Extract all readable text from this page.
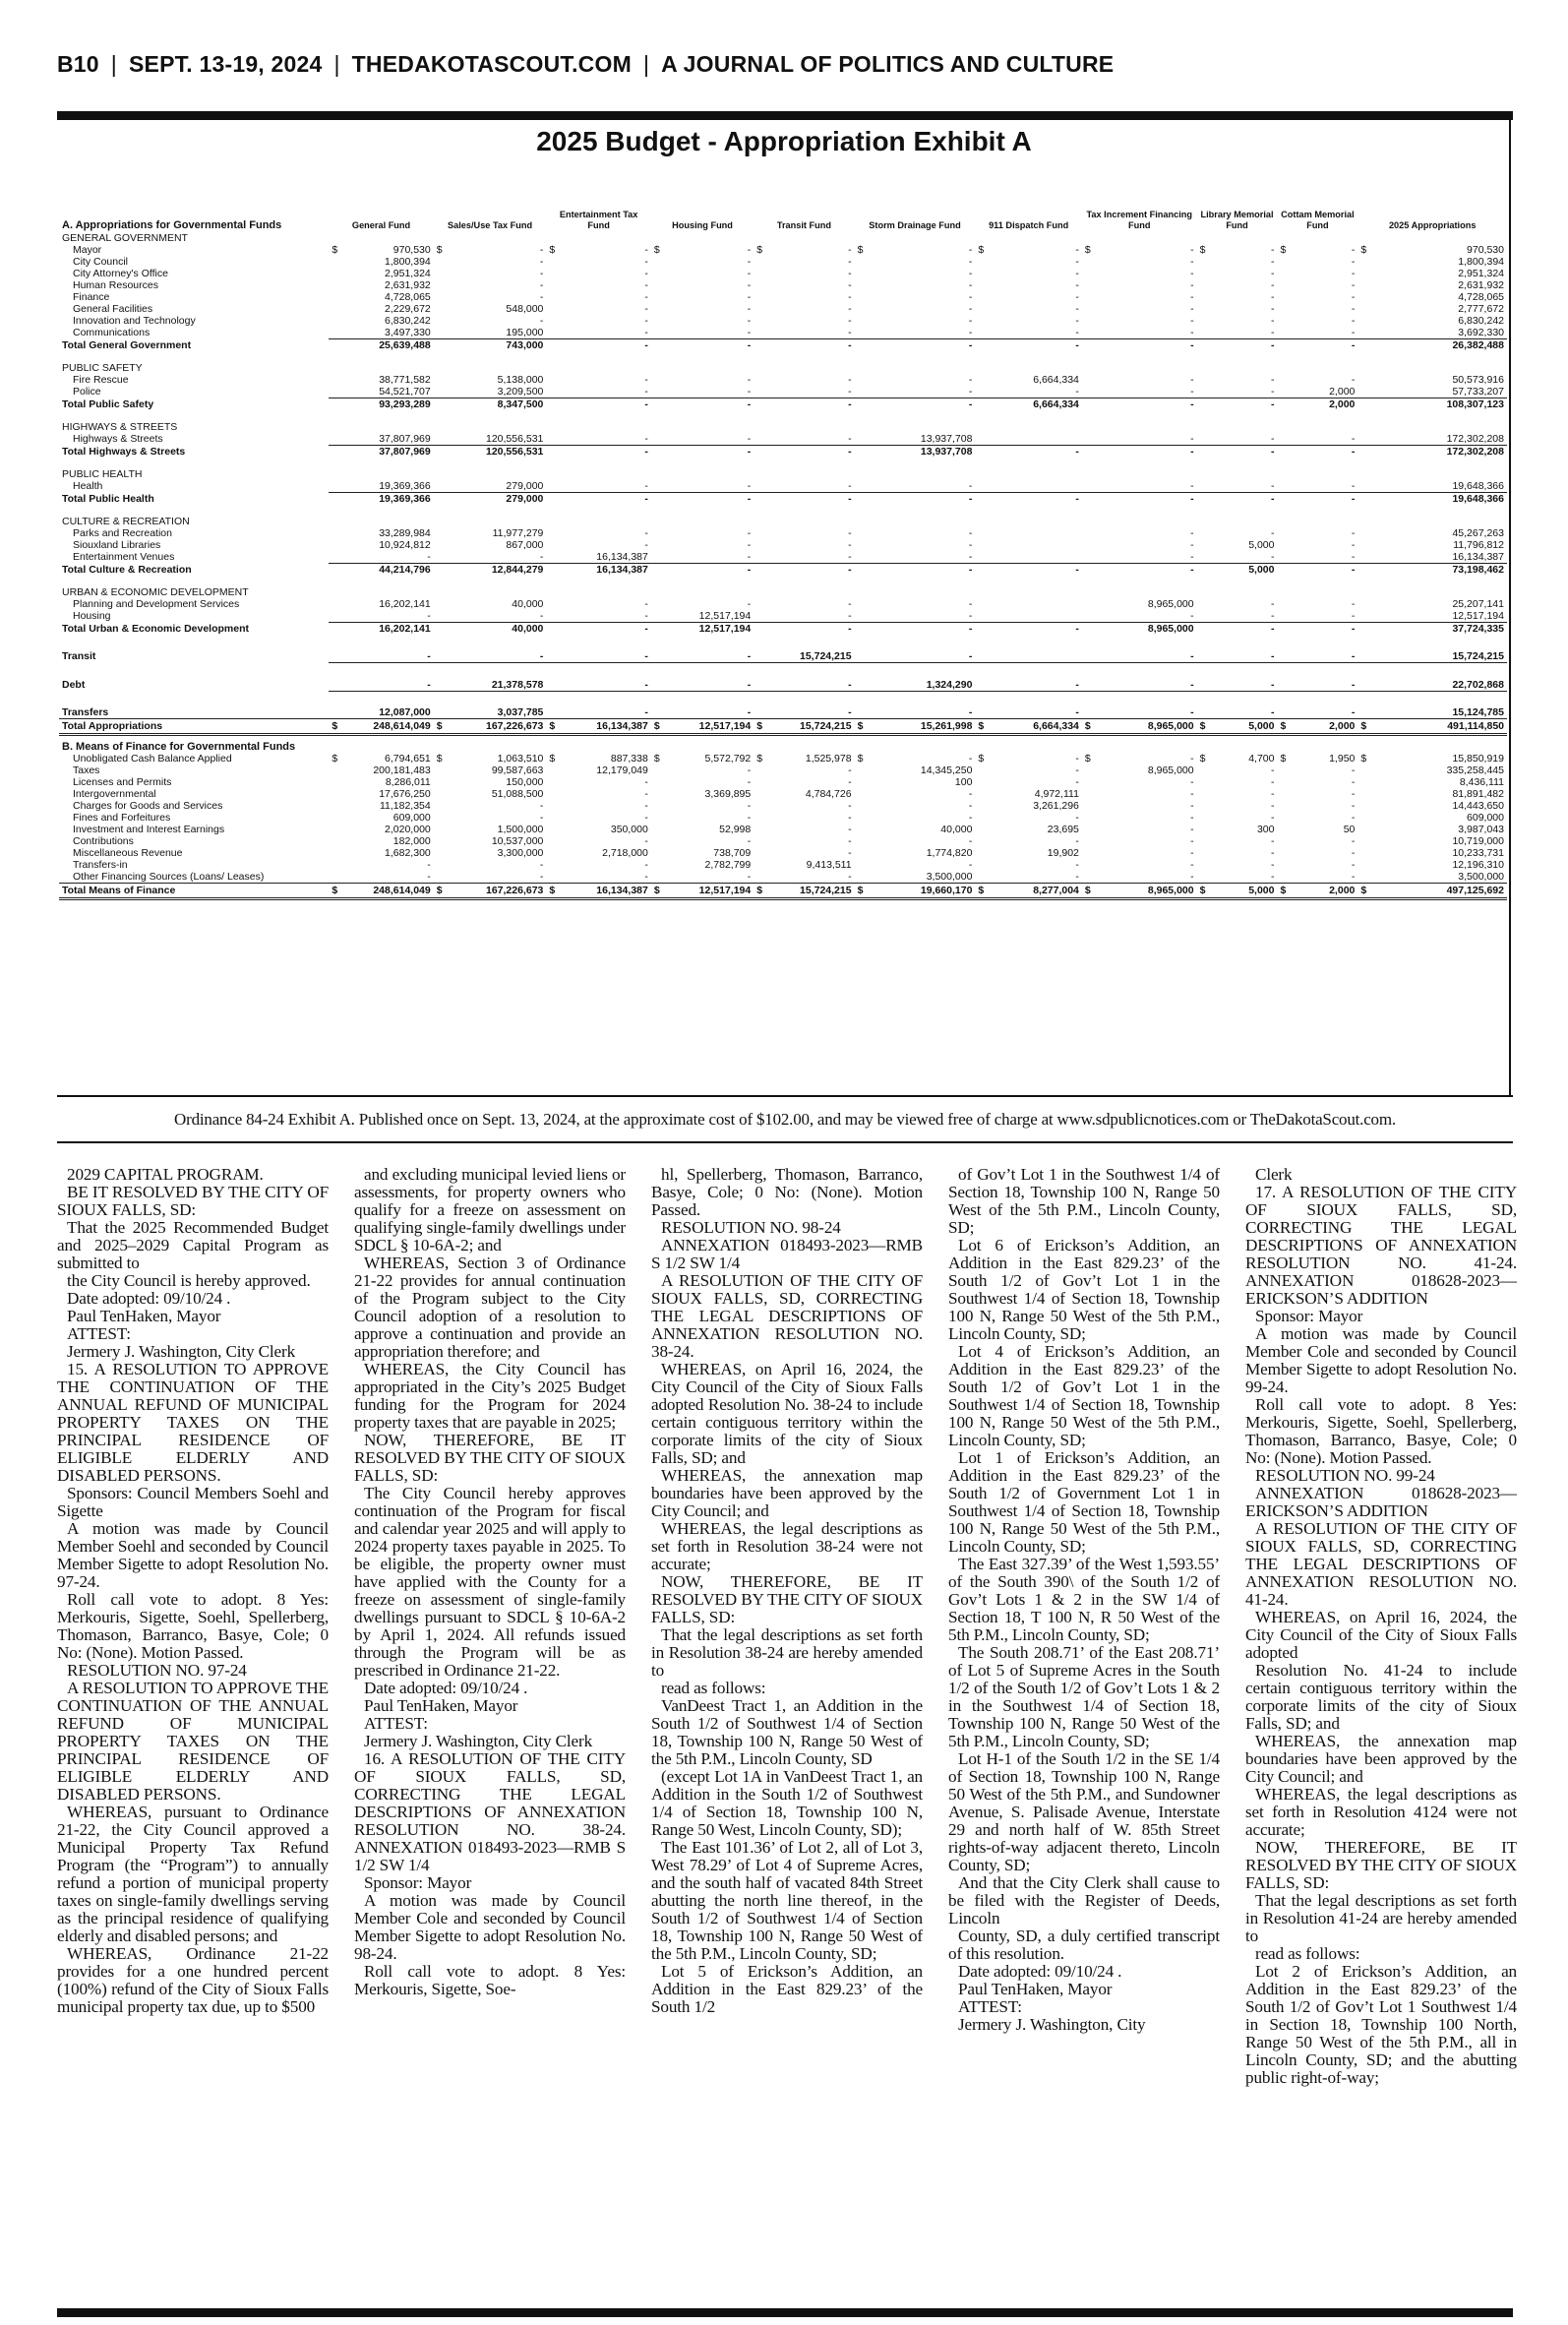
B10 | SEPT. 13-19, 2024 | THEDAKOTASCOUT.COM | A JOURNAL OF POLITICS AND CULTURE
2025 Budget - Appropriation Exhibit A
A. Appropriations for Governmental Funds	General Fund		Sales/Use Tax Fund		Entertainment Tax Fund		Housing Fund		Transit Fund		Storm Drainage Fund		911 Dispatch Fund		Tax Increment Financing Fund		Library Memorial Fund		Cottam Memorial Fund		2025 Appropriations	
GENERAL GOVERNMENT																						
Mayor	$	970,530	$	-	$	-	$	-	$	-	$	-	$	-	$	-	$	-	$	-	$	970,530
City Council		1,800,394		-		-		-		-		-		-		-		-		-		1,800,394
City Attorney's Office		2,951,324		-		-		-		-		-		-		-		-		-		2,951,324
Human Resources		2,631,932		-		-		-		-		-		-		-		-		-		2,631,932
Finance		4,728,065		-		-		-		-		-		-		-		-		-		4,728,065
General Facilities		2,229,672		548,000		-		-		-		-		-		-		-		-		2,777,672
Innovation and Technology		6,830,242		-		-		-		-		-		-		-		-		-		6,830,242
Communications		3,497,330		195,000		-		-		-		-		-		-		-		-		3,692,330
Total General Government		25,639,488		743,000		-		-		-		-		-		-		-		-		26,382,488

PUBLIC SAFETY																						
Fire Rescue		38,771,582		5,138,000		-		-		-		-		6,664,334		-		-		-		50,573,916
Police		54,521,707		3,209,500		-		-		-		-		-		-		-		2,000		57,733,207
Total Public Safety		93,293,289		8,347,500		-		-		-		-		6,664,334		-		-		2,000		108,307,123

HIGHWAYS & STREETS																						
Highways & Streets		37,807,969		120,556,531		-		-		-		13,937,708				-		-		-		172,302,208
Total Highways & Streets		37,807,969		120,556,531		-		-		-		13,937,708		-		-		-		-		172,302,208

PUBLIC HEALTH																						
Health		19,369,366		279,000		-		-		-		-				-		-		-		19,648,366
Total Public Health		19,369,366		279,000		-		-		-		-		-		-		-		-		19,648,366

CULTURE & RECREATION																						
Parks and Recreation		33,289,984		11,977,279		-		-		-		-				-		-		-		45,267,263
Siouxland Libraries		10,924,812		867,000		-		-		-		-				-		5,000		-		11,796,812
Entertainment Venues		-		-		16,134,387		-		-		-				-		-		-		16,134,387
Total Culture & Recreation		44,214,796		12,844,279		16,134,387		-		-		-		-		-		5,000		-		73,198,462

URBAN & ECONOMIC DEVELOPMENT																						
Planning and Development Services		16,202,141		40,000		-		-		-		-				8,965,000		-		-		25,207,141
Housing		-		-		-		12,517,194		-		-				-		-		-		12,517,194
Total Urban & Economic Development		16,202,141		40,000		-		12,517,194		-		-		-		8,965,000		-		-		37,724,335

Transit		-		-		-		-		15,724,215		-				-		-		-		15,724,215

Debt		-		21,378,578		-		-		-		1,324,290		-		-		-		-		22,702,868

Transfers		12,087,000		3,037,785		-		-		-		-		-		-		-		-		15,124,785
Total Appropriations	$	248,614,049	$	167,226,673	$	16,134,387	$	12,517,194	$	15,724,215	$	15,261,998	$	6,664,334	$	8,965,000	$	5,000	$	2,000	$	491,114,850

B. Means of Finance for Governmental Funds																						
Unobligated Cash Balance Applied	$	6,794,651	$	1,063,510	$	887,338	$	5,572,792	$	1,525,978	$	-	$	-	$	-	$	4,700	$	1,950	$	15,850,919
Taxes		200,181,483		99,587,663		12,179,049		-		-		14,345,250		-		8,965,000		-		-		335,258,445
Licenses and Permits		8,286,011		150,000		-		-		-		100		-		-		-		-		8,436,111
Intergovernmental		17,676,250		51,088,500		-		3,369,895		4,784,726		-		4,972,111		-		-		-		81,891,482
Charges for Goods and Services		11,182,354		-		-		-		-		-		3,261,296		-		-		-		14,443,650
Fines and Forfeitures		609,000		-		-		-		-		-		-		-		-		-		609,000
Investment and Interest Earnings		2,020,000		1,500,000		350,000		52,998		-		40,000		23,695		-		300		50		3,987,043
Contributions		182,000		10,537,000		-		-		-		-		-		-		-		-		10,719,000
Miscellaneous Revenue		1,682,300		3,300,000		2,718,000		738,709		-		1,774,820		19,902		-		-		-		10,233,731
Transfers-in		-		-		-		2,782,799		9,413,511		-		-		-		-		-		12,196,310
Other Financing Sources (Loans/ Leases)		-		-		-		-		-		3,500,000		-		-		-		-		3,500,000
Total Means of Finance	$	248,614,049	$	167,226,673	$	16,134,387	$	12,517,194	$	15,724,215	$	19,660,170	$	8,277,004	$	8,965,000	$	5,000	$	2,000	$	497,125,692
Ordinance 84-24 Exhibit A. Published once on Sept. 13, 2024, at the approximate cost of $102.00, and may be viewed free of charge at www.sdpublicnotices.com or TheDakotaScout.com.

2029 CAPITAL PROGRAM.

BE IT RESOLVED BY THE CITY OF SIOUX FALLS, SD:

That the 2025 Recommended Budget and 2025–2029 Capital Program as submitted to

the City Council is hereby approved.

Date adopted: 09/10/24 .

Paul TenHaken, Mayor

ATTEST:

Jermery J. Washington, City Clerk

15. A RESOLUTION TO APPROVE THE CONTINUATION OF THE ANNUAL REFUND OF MUNICIPAL PROPERTY TAXES ON THE PRINCIPAL RESIDENCE OF ELIGIBLE ELDERLY AND DISABLED PERSONS.

Sponsors: Council Members Soehl and Sigette

A motion was made by Council Member Soehl and seconded by Council Member Sigette to adopt Resolution No. 97-24.

Roll call vote to adopt. 8 Yes: Merkouris, Sigette, Soehl, Spellerberg, Thomason, Barranco, Basye, Cole; 0 No: (None). Motion Passed.

RESOLUTION NO. 97-24

A RESOLUTION TO APPROVE THE CONTINUATION OF THE ANNUAL REFUND OF MUNICIPAL PROPERTY TAXES ON THE PRINCIPAL RESIDENCE OF ELIGIBLE ELDERLY AND DISABLED PERSONS.

WHEREAS, pursuant to Ordinance 21-22, the City Council approved a Municipal Property Tax Refund Program (the “Program”) to annually refund a portion of municipal property taxes on single-family dwellings serving as the principal residence of qualifying elderly and disabled persons; and

WHEREAS, Ordinance 21-22 provides for a one hundred percent (100%) refund of the City of Sioux Falls municipal property tax due, up to $500

and excluding municipal levied liens or assessments, for property owners who qualify for a freeze on assessment on qualifying single-family dwellings under SDCL § 10-6A-2; and

WHEREAS, Section 3 of Ordinance 21-22 provides for annual continuation of the Program subject to the City Council adoption of a resolution to approve a continuation and provide an appropriation therefore; and

WHEREAS, the City Council has appropriated in the City’s 2025 Budget funding for the Program for 2024 property taxes that are payable in 2025;

NOW, THEREFORE, BE IT RESOLVED BY THE CITY OF SIOUX FALLS, SD:

The City Council hereby approves continuation of the Program for fiscal and calendar year 2025 and will apply to 2024 property taxes payable in 2025. To be eligible, the property owner must have applied with the County for a freeze on assessment of single-family dwellings pursuant to SDCL § 10-6A-2 by April 1, 2024. All refunds issued through the Program will be as prescribed in Ordinance 21-22.

Date adopted: 09/10/24 .

Paul TenHaken, Mayor

ATTEST:

Jermery J. Washington, City Clerk

16. A RESOLUTION OF THE CITY OF SIOUX FALLS, SD, CORRECTING THE LEGAL DESCRIPTIONS OF ANNEXATION RESOLUTION NO. 38-24. ANNEXATION 018493-2023—RMB S 1/2 SW 1/4

Sponsor: Mayor

A motion was made by Council Member Cole and seconded by Council Member Sigette to adopt Resolution No. 98-24.

Roll call vote to adopt. 8 Yes: Merkouris, Sigette, Soe-

hl, Spellerberg, Thomason, Barranco, Basye, Cole; 0 No: (None). Motion Passed.

RESOLUTION NO. 98-24

ANNEXATION 018493-2023—RMB S 1/2 SW 1/4

A RESOLUTION OF THE CITY OF SIOUX FALLS, SD, CORRECTING THE LEGAL DESCRIPTIONS OF ANNEXATION RESOLUTION NO. 38-24.

WHEREAS, on April 16, 2024, the City Council of the City of Sioux Falls adopted Resolution No. 38-24 to include certain contiguous territory within the corporate limits of the city of Sioux Falls, SD; and

WHEREAS, the annexation map boundaries have been approved by the City Council; and

WHEREAS, the legal descriptions as set forth in Resolution 38-24 were not accurate;

NOW, THEREFORE, BE IT RESOLVED BY THE CITY OF SIOUX FALLS, SD:

That the legal descriptions as set forth in Resolution 38-24 are hereby amended to

read as follows:

VanDeest Tract 1, an Addition in the South 1/2 of Southwest 1/4 of Section 18, Township 100 N, Range 50 West of the 5th P.M., Lincoln County, SD

(except Lot 1A in VanDeest Tract 1, an Addition in the South 1/2 of Southwest 1/4 of Section 18, Township 100 N, Range 50 West, Lincoln County, SD);

The East 101.36’ of Lot 2, all of Lot 3, West 78.29’ of Lot 4 of Supreme Acres, and the south half of vacated 84th Street abutting the north line thereof, in the South 1/2 of Southwest 1/4 of Section 18, Township 100 N, Range 50 West of the 5th P.M., Lincoln County, SD;

Lot 5 of Erickson’s Addition, an Addition in the East 829.23’ of the South 1/2

of Gov’t Lot 1 in the Southwest 1/4 of Section 18, Township 100 N, Range 50 West of the 5th P.M., Lincoln County, SD;

Lot 6 of Erickson’s Addition, an Addition in the East 829.23’ of the South 1/2 of Gov’t Lot 1 in the Southwest 1/4 of Section 18, Township 100 N, Range 50 West of the 5th P.M., Lincoln County, SD;

Lot 4 of Erickson’s Addition, an Addition in the East 829.23’ of the South 1/2 of Gov’t Lot 1 in the Southwest 1/4 of Section 18, Township 100 N, Range 50 West of the 5th P.M., Lincoln County, SD;

Lot 1 of Erickson’s Addition, an Addition in the East 829.23’ of the South 1/2 of Government Lot 1 in Southwest 1/4 of Section 18, Township 100 N, Range 50 West of the 5th P.M., Lincoln County, SD;

The East 327.39’ of the West 1,593.55’ of the South 390\ of the South 1/2 of Gov’t Lots 1 & 2 in the SW 1/4 of Section 18, T 100 N, R 50 West of the 5th P.M., Lincoln County, SD;

The South 208.71’ of the East 208.71’ of Lot 5 of Supreme Acres in the South 1/2 of the South 1/2 of Gov’t Lots 1 & 2 in the Southwest 1/4 of Section 18, Township 100 N, Range 50 West of the 5th P.M., Lincoln County, SD;

Lot H-1 of the South 1/2 in the SE 1/4 of Section 18, Township 100 N, Range 50 West of the 5th P.M., and Sundowner Avenue, S. Palisade Avenue, Interstate 29 and north half of W. 85th Street rights-of-way adjacent thereto, Lincoln County, SD;

And that the City Clerk shall cause to be filed with the Register of Deeds, Lincoln

County, SD, a duly certified transcript of this resolution.

Date adopted: 09/10/24 .

Paul TenHaken, Mayor

ATTEST:

Jermery J. Washington, City

Clerk

17. A RESOLUTION OF THE CITY OF SIOUX FALLS, SD, CORRECTING THE LEGAL DESCRIPTIONS OF ANNEXATION RESOLUTION NO. 41-24. ANNEXATION 018628-2023—ERICKSON’S ADDITION

Sponsor: Mayor

A motion was made by Council Member Cole and seconded by Council Member Sigette to adopt Resolution No. 99-24.

Roll call vote to adopt. 8 Yes: Merkouris, Sigette, Soehl, Spellerberg, Thomason, Barranco, Basye, Cole; 0 No: (None). Motion Passed.

RESOLUTION NO. 99-24

ANNEXATION 018628-2023—ERICKSON’S ADDITION

A RESOLUTION OF THE CITY OF SIOUX FALLS, SD, CORRECTING THE LEGAL DESCRIPTIONS OF ANNEXATION RESOLUTION NO. 41-24.

WHEREAS, on April 16, 2024, the City Council of the City of Sioux Falls adopted

Resolution No. 41-24 to include certain contiguous territory within the corporate limits of the city of Sioux Falls, SD; and

WHEREAS, the annexation map boundaries have been approved by the City Council; and

WHEREAS, the legal descriptions as set forth in Resolution 4124 were not accurate;

NOW, THEREFORE, BE IT RESOLVED BY THE CITY OF SIOUX FALLS, SD:

That the legal descriptions as set forth in Resolution 41-24 are hereby amended to

read as follows:

Lot 2 of Erickson’s Addition, an Addition in the East 829.23’ of the South 1/2 of Gov’t Lot 1 Southwest 1/4 in Section 18, Township 100 North, Range 50 West of the 5th P.M., all in Lincoln County, SD; and the abutting public right-of-way;
